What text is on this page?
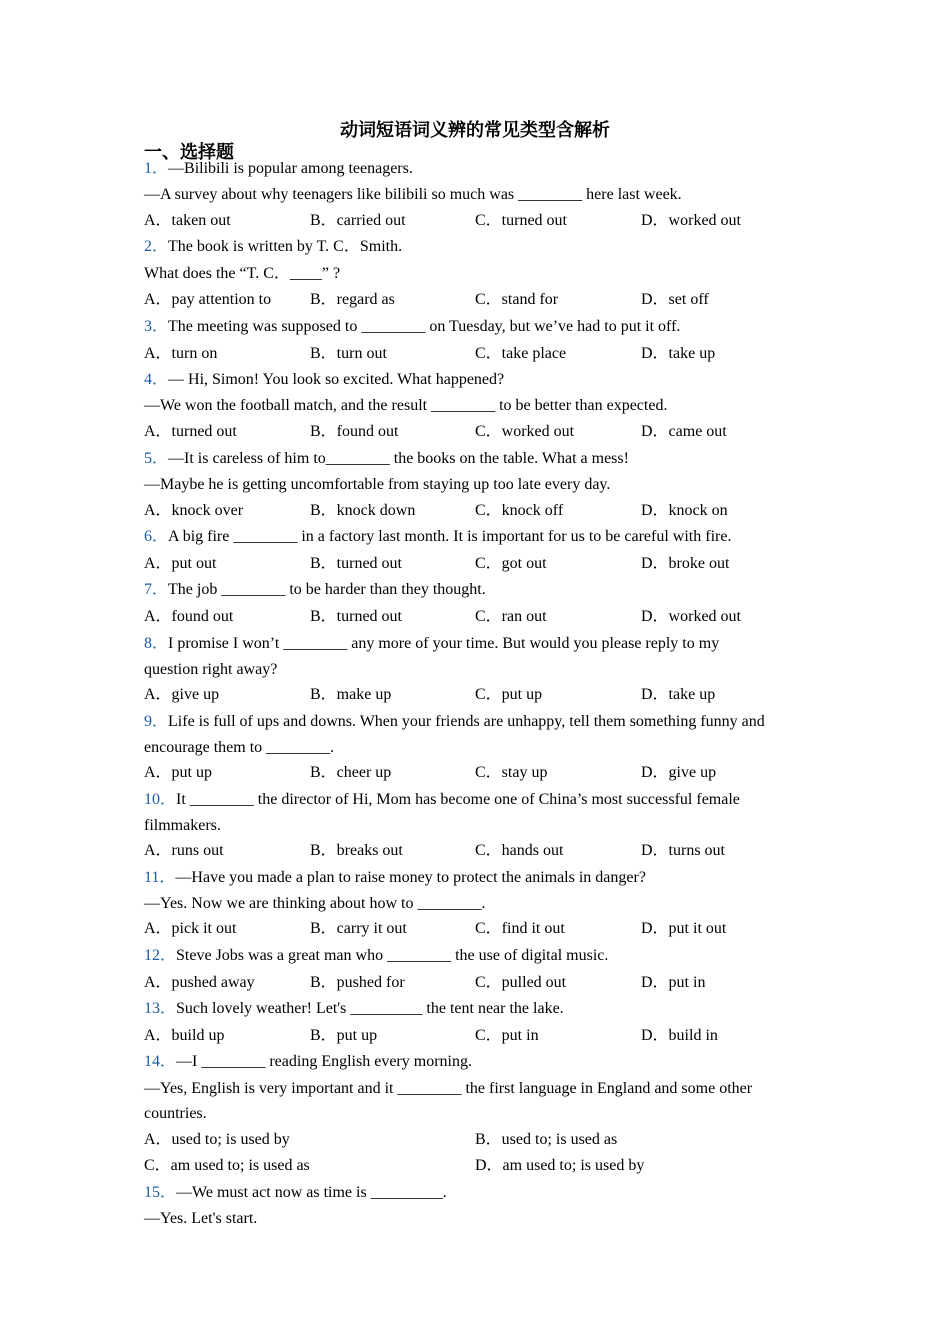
动词短语词义辨的常见类型含解析
一、选择题
1．—Bilibili is popular among teenagers.
—A survey about why teenagers like bilibili so much was ________ here last week.
A．taken out	B．carried out	C．turned out	D．worked out
2．The book is written by T. C．Smith.
What does the “T. C．____” ?
A．pay attention to B．regard as	C．stand for	D．set off
3．The meeting was supposed to ________ on Tuesday, but we’ve had to put it off.
A．turn on	B．turn out	C．take place	D．take up
4．— Hi, Simon! You look so excited. What happened?
—We won the football match, and the result ________ to be better than expected.
A．turned out	B．found out	C．worked out	D．came out
5．—It is careless of him to________ the books on the table. What a mess!
—Maybe he is getting uncomfortable from staying up too late every day.
A．knock over	B．knock down	C．knock off	D．knock on
6．A big fire ________ in a factory last month. It is important for us to be careful with fire.
A．put out	B．turned out	C．got out	D．broke out
7．The job ________ to be harder than they thought.
A．found out	B．turned out	C．ran out	D．worked out
8．I promise I won’t ________ any more of your time. But would you please reply to my
question right away?
A．give up	B．make up	C．put up	D．take up
9．Life is full of ups and downs. When your friends are unhappy, tell them something funny and
encourage them to ________.
A．put up	B．cheer up	C．stay up	D．give up
10．It ________ the director of Hi, Mom has become one of China’s most successful female
filmmakers.
A．runs out	B．breaks out	C．hands out	D．turns out
11．—Have you made a plan to raise money to protect the animals in danger?
—Yes. Now we are thinking about how to ________.
A．pick it out	B．carry it out	C．find it out	D．put it out
12．Steve Jobs was a great man who ________ the use of digital music.
A．pushed away	B．pushed for	C．pulled out	D．put in
13．Such lovely weather! Let's _________ the tent near the lake.
A．build up	B．put up	C．put in	D．build in
14．—I ________ reading English every morning.
—Yes, English is very important and it ________ the first language in England and some other
countries.
A．used to; is used by	B．used to; is used as
C．am used to; is used as	D．am used to; is used by
15．—We must act now as time is _________.
—Yes. Let's start.
